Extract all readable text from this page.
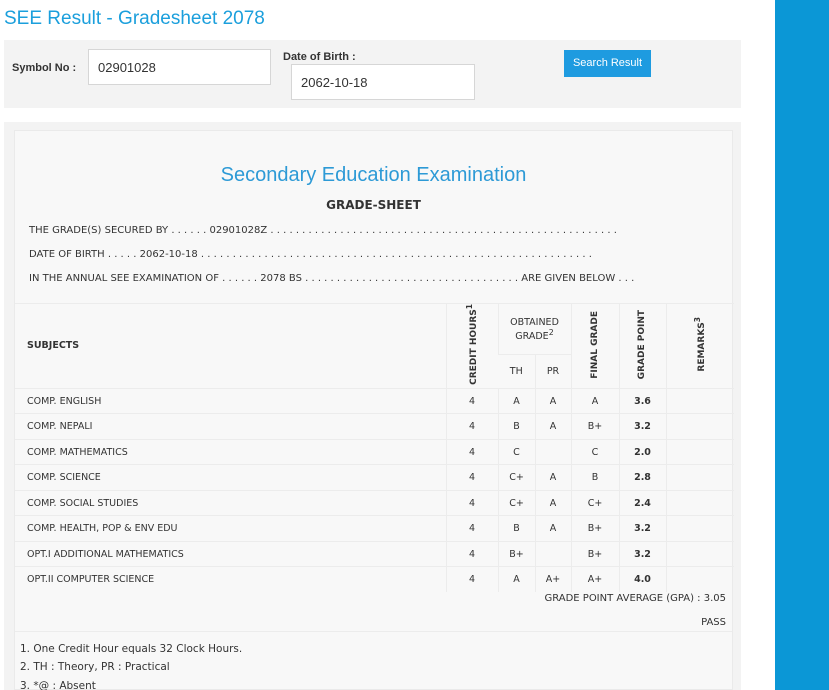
SEE Result - Gradesheet 2078
Symbol No :
02901028
Date of Birth :
2062-10-18	Search Result
Secondary Education Examination
GRADE-SHEET
THE GRADE(S) SECURED BY . . . . . . 02901028Z . . . . . . . . . . . . . . . . . . . . . . . . . . . . . . . . . . . . . . . . . . . . . . . . . . . . . . .
DATE OF BIRTH . . . . . 2062-10-18 . . . . . . . . . . . . . . . . . . . . . . . . . . . . . . . . . . . . . . . . . . . . . . . . . . . . . . . . . . . . . .
IN THE ANNUAL SEE EXAMINATION OF . . . . . . 2078 BS . . . . . . . . . . . . . . . . . . . . . . . . . . . . . . . . . . ARE GIVEN BELOW . . .
SUBJECTS	CREDIT HOURS$^1$	OBTAINED GRADE$^2$		FINAL GRADE	GRADE POINT	REMARKS$^3$
		TH	PR			
COMP. ENGLISH	4	A	A	A	3.6	
COMP. NEPALI	4	B	A	B+	3.2	
COMP. MATHEMATICS	4	C		C	2.0	
COMP. SCIENCE	4	C+	A	B	2.8	
COMP. SOCIAL STUDIES	4	C+	A	C+	2.4	
COMP. HEALTH, POP & ENV EDU	4	B	A	B+	3.2	
OPT.I ADDITIONAL MATHEMATICS	4	B+		B+	3.2	
OPT.II COMPUTER SCIENCE	4	A	A+	A+	4.0	
GRADE POINT AVERAGE (GPA) : 3.05
PASS
1. One Credit Hour equals 32 Clock Hours.
2. TH : Theory, PR : Practical
3. *@ : Absent
